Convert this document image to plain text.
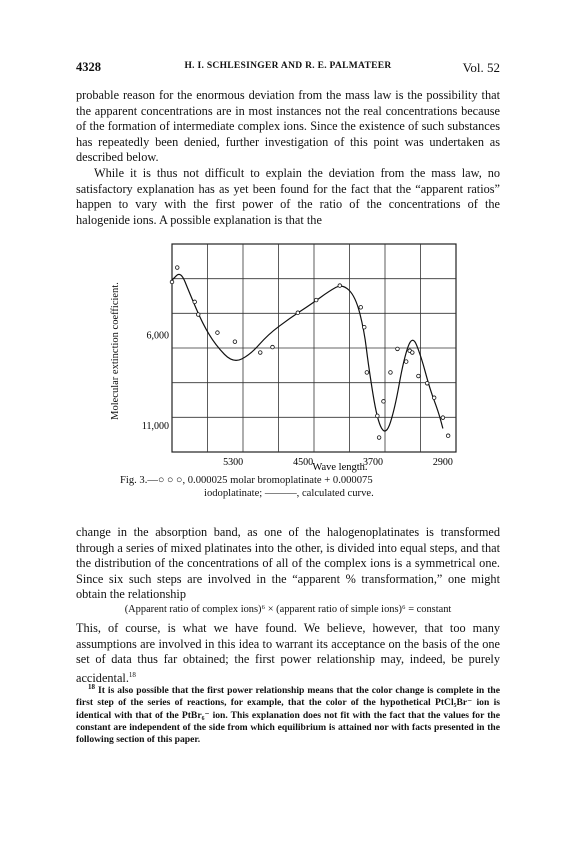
4328	H. I. SCHLESINGER AND R. E. PALMATEER	Vol. 52

probable reason for the enormous deviation from the mass law is the possibility that the apparent concentrations are in most instances not the real concentrations because of the formation of intermediate complex ions. Since the existence of such substances has repeatedly been denied, further investigation of this point was undertaken as described below.

While it is thus not difficult to explain the deviation from the mass law, no satisfactory explanation has as yet been found for the fact that the “apparent ratios” happen to vary with the first power of the ratio of the concentrations of the halogenide ions. A possible explanation is that the

Molecular extinction coefficient.
5300	4500	3700	2900
6,000
11,000
Wave length.
Fig. 3.—○ ○ ○, 0.000025 molar bromoplatinate + 0.000075
iodoplatinate; ———, calculated curve.

change in the absorption band, as one of the halogenoplatinates is transformed through a series of mixed platinates into the other, is divided into equal steps, and that the distribution of the concentrations of all of the complex ions is a symmetrical one. Since six such steps are involved in the “apparent % transformation,” one might obtain the relationship

(Apparent ratio of complex ions)⁶ × (apparent ratio of simple ions)⁶ = constant

This, of course, is what we have found. We believe, however, that too many assumptions are involved in this idea to warrant its acceptance on the basis of the one set of data thus far obtained; the first power relationship may, indeed, be purely accidental.$^{18}$

$^{18}$ It is also possible that the first power relationship means that the color change is complete in the first step of the series of reactions, for example, that the color of the hypothetical PtCl₅Br⁻ ion is identical with that of the PtBr₆⁻ ion. This explanation does not fit with the fact that the values for the constant are independent of the side from which equilibrium is attained nor with facts presented in the following section of this paper.
